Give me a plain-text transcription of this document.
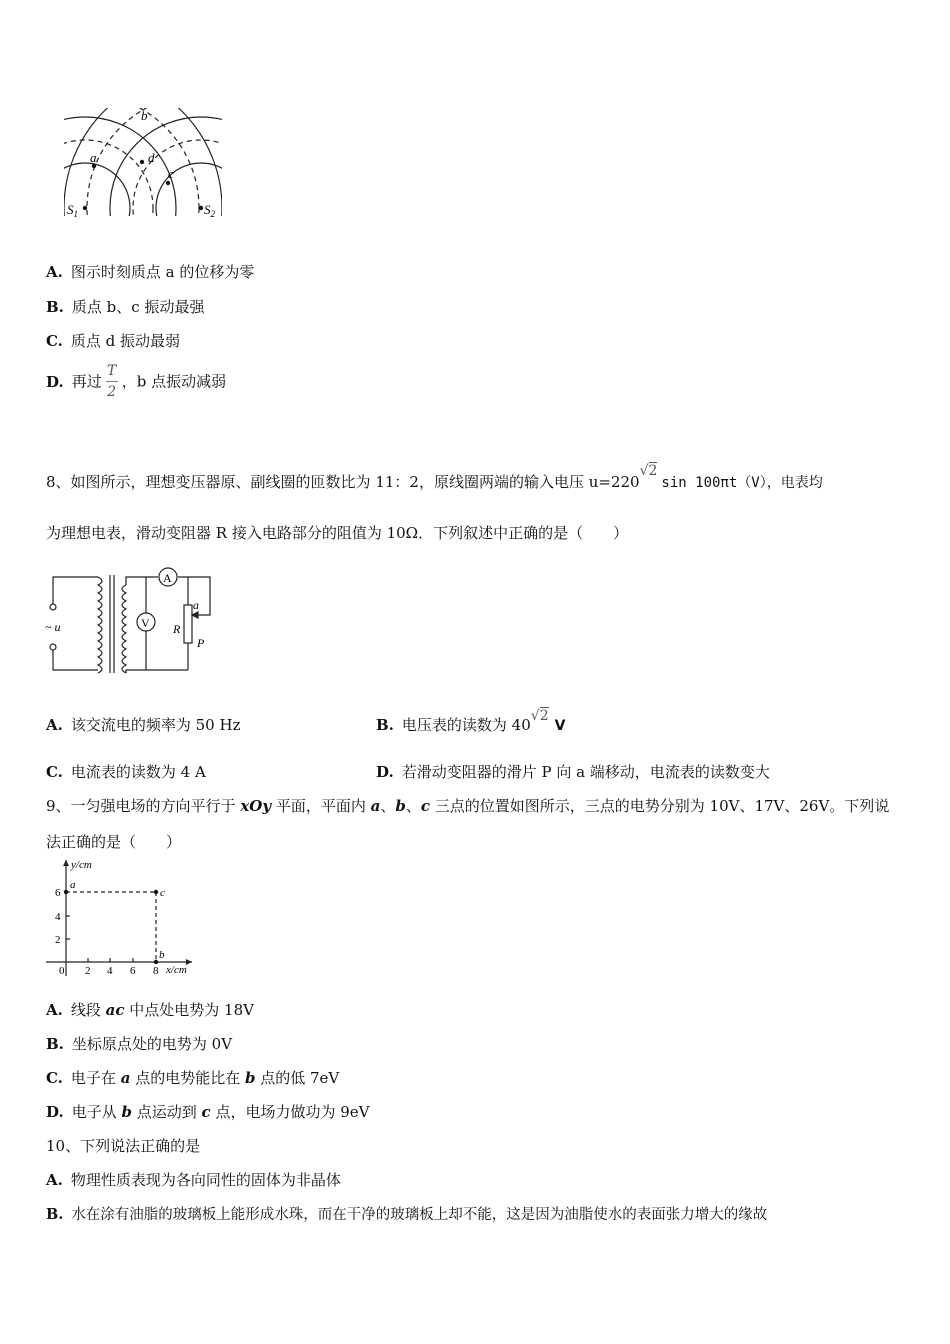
b
a	d
c
$S_1$	$S_2$
A. 图示时刻质点 a 的位移为零
B. 质点 b、c 振动最强
C. 质点 d 振动最弱
D. 再过 $\frac{T}{2}$ ，b 点振动减弱
8、如图所示，理想变压器原、副线圈的匝数比为 11：2，原线圈两端的输入电压 u=220√2sin 100πt（V），电表均
为理想电表，滑动变阻器 R 接入电路部分的阻值为 10Ω．下列叙述中正确的是（　　）
~ u
A
V R
a
P
A. 该交流电的频率为 50 Hz	B. 电压表的读数为 40√2V
C. 电流表的读数为 4 A	D. 若滑动变阻器的滑片 P 向 a 端移动，电流表的读数变大
9、一匀强电场的方向平行于 xOy 平面，平面内 a、b、c 三点的位置如图所示，三点的电势分别为 10V、17V、26V。下列说
法正确的是（　　）
y/cm
x/cm
0 2 4 6 8
2
4
6
a
c
b
A. 线段 ac 中点处电势为 18V
B. 坐标原点处的电势为 0V
C. 电子在 a 点的电势能比在 b 点的低 7eV
D. 电子从 b 点运动到 c 点，电场力做功为 9eV
10、下列说法正确的是
A. 物理性质表现为各向同性的固体为非晶体
B. 水在涂有油脂的玻璃板上能形成水珠，而在干净的玻璃板上却不能，这是因为油脂使水的表面张力增大的缘故
